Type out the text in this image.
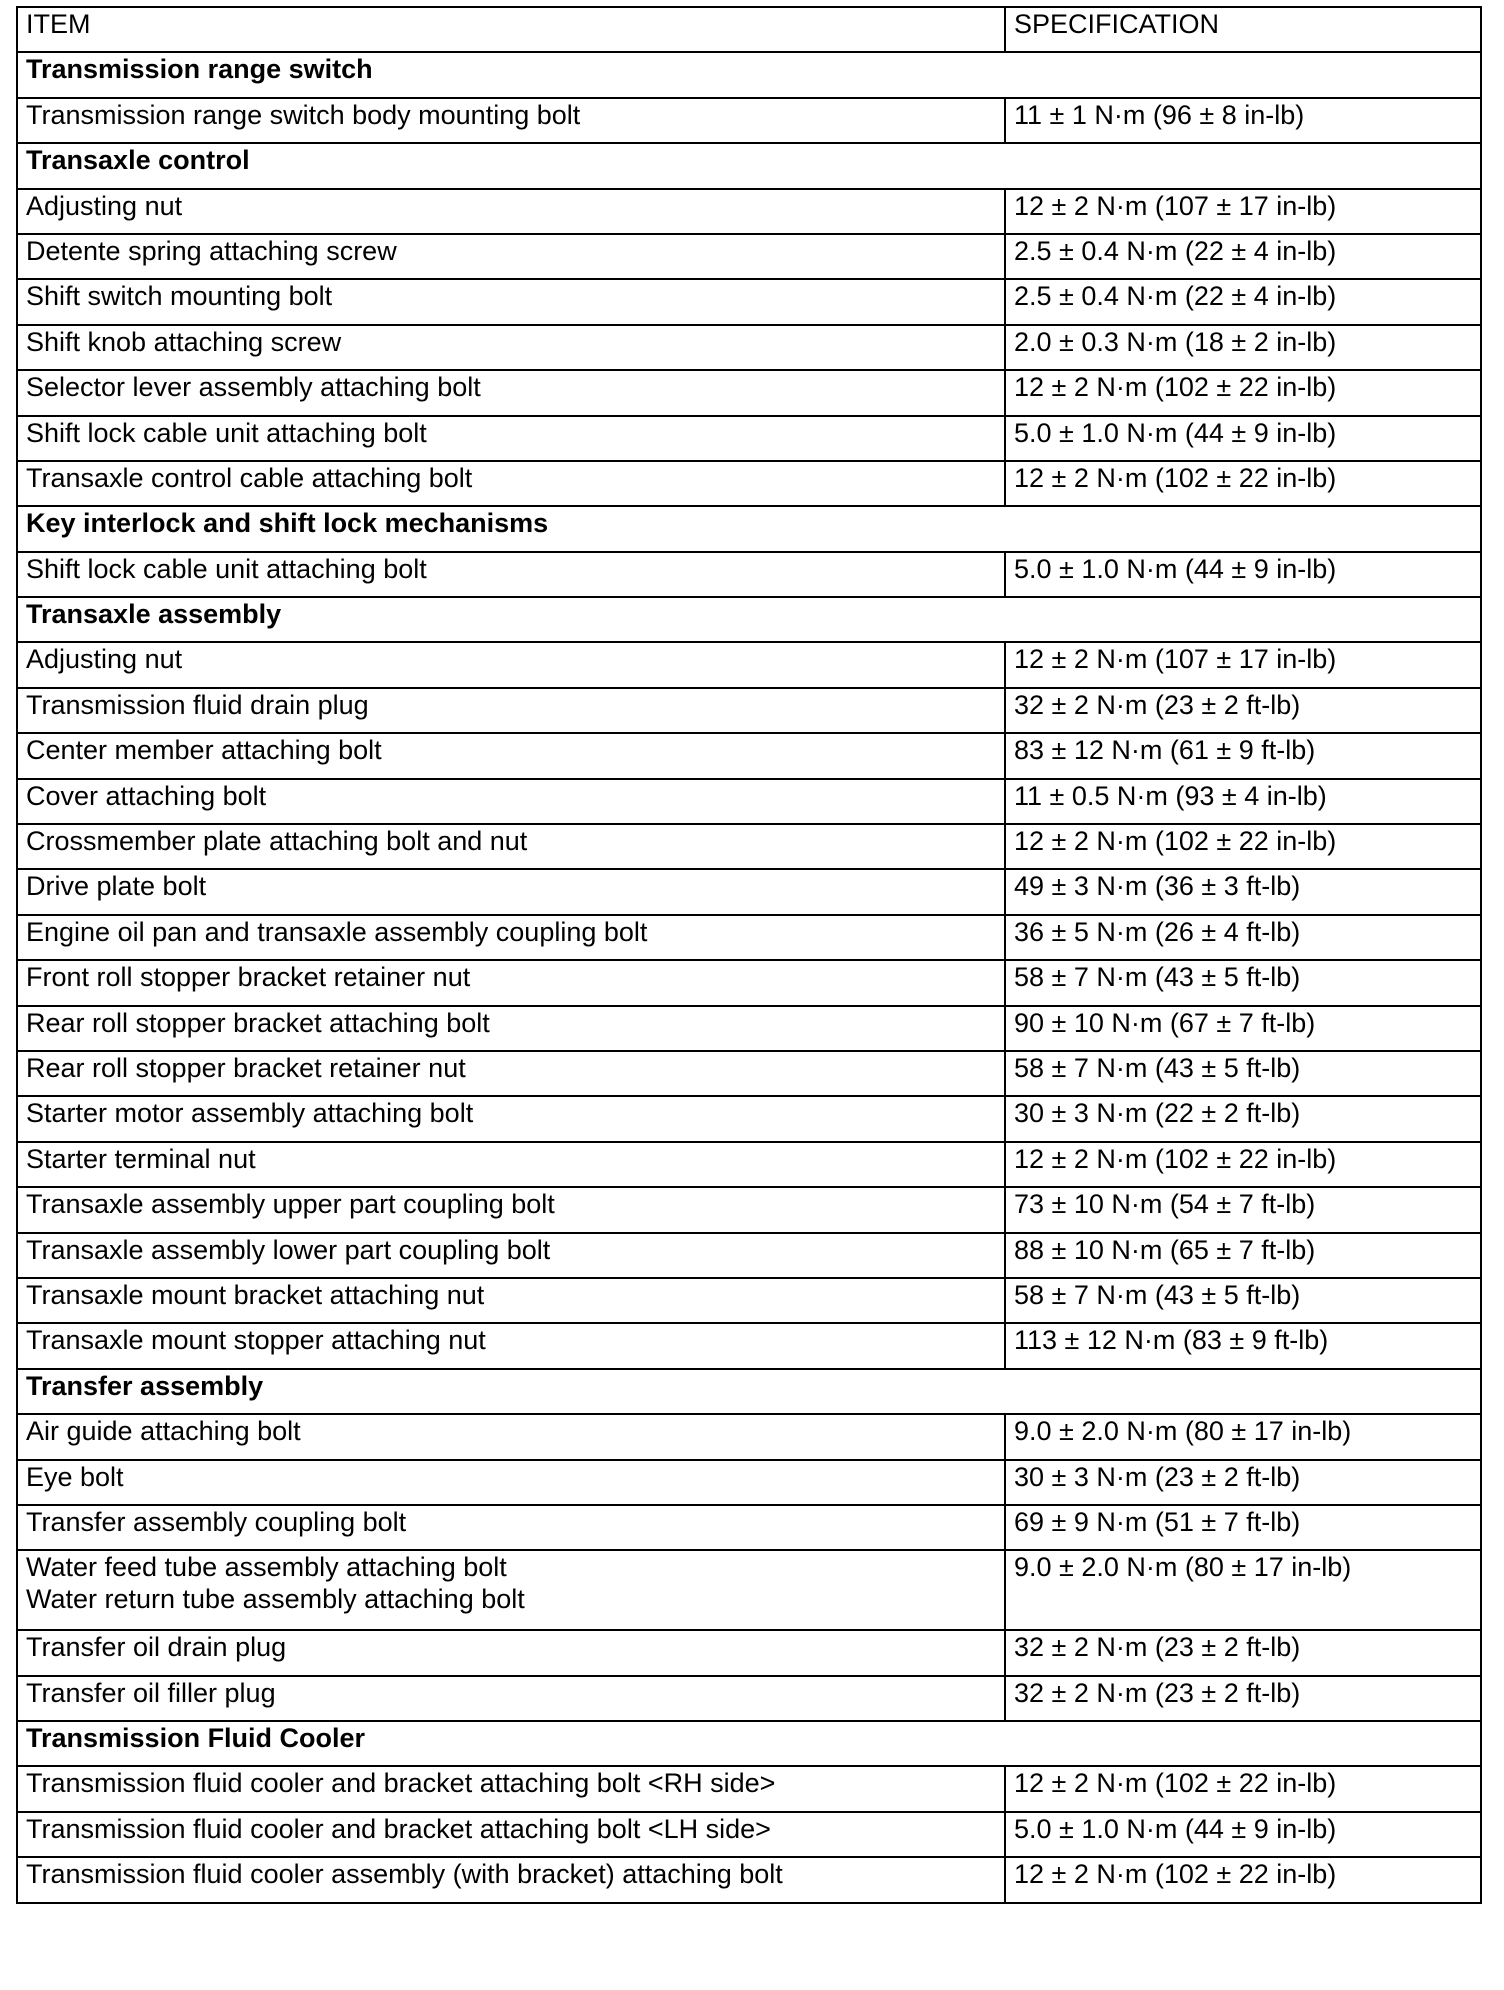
ITEM	SPECIFICATION
Transmission range switch	
Transmission range switch body mounting bolt	11 ± 1 N·m (96 ± 8 in-lb)
Transaxle control	
Adjusting nut	12 ± 2 N·m (107 ± 17 in-lb)
Detente spring attaching screw	2.5 ± 0.4 N·m (22 ± 4 in-lb)
Shift switch mounting bolt	2.5 ± 0.4 N·m (22 ± 4 in-lb)
Shift knob attaching screw	2.0 ± 0.3 N·m (18 ± 2 in-lb)
Selector lever assembly attaching bolt	12 ± 2 N·m (102 ± 22 in-lb)
Shift lock cable unit attaching bolt	5.0 ± 1.0 N·m (44 ± 9 in-lb)
Transaxle control cable attaching bolt	12 ± 2 N·m (102 ± 22 in-lb)
Key interlock and shift lock mechanisms	
Shift lock cable unit attaching bolt	5.0 ± 1.0 N·m (44 ± 9 in-lb)
Transaxle assembly	
Adjusting nut	12 ± 2 N·m (107 ± 17 in-lb)
Transmission fluid drain plug	32 ± 2 N·m (23 ± 2 ft-lb)
Center member attaching bolt	83 ± 12 N·m (61 ± 9 ft-lb)
Cover attaching bolt	11 ± 0.5 N·m (93 ± 4 in-lb)
Crossmember plate attaching bolt and nut	12 ± 2 N·m (102 ± 22 in-lb)
Drive plate bolt	49 ± 3 N·m (36 ± 3 ft-lb)
Engine oil pan and transaxle assembly coupling bolt	36 ± 5 N·m (26 ± 4 ft-lb)
Front roll stopper bracket retainer nut	58 ± 7 N·m (43 ± 5 ft-lb)
Rear roll stopper bracket attaching bolt	90 ± 10 N·m (67 ± 7 ft-lb)
Rear roll stopper bracket retainer nut	58 ± 7 N·m (43 ± 5 ft-lb)
Starter motor assembly attaching bolt	30 ± 3 N·m (22 ± 2 ft-lb)
Starter terminal nut	12 ± 2 N·m (102 ± 22 in-lb)
Transaxle assembly upper part coupling bolt	73 ± 10 N·m (54 ± 7 ft-lb)
Transaxle assembly lower part coupling bolt	88 ± 10 N·m (65 ± 7 ft-lb)
Transaxle mount bracket attaching nut	58 ± 7 N·m (43 ± 5 ft-lb)
Transaxle mount stopper attaching nut	113 ± 12 N·m (83 ± 9 ft-lb)
Transfer assembly	
Air guide attaching bolt	9.0 ± 2.0 N·m (80 ± 17 in-lb)
Eye bolt	30 ± 3 N·m (23 ± 2 ft-lb)
Transfer assembly coupling bolt	69 ± 9 N·m (51 ± 7 ft-lb)

Water feed tube assembly attaching bolt
Water return tube assembly attaching bolt	9.0 ± 2.0 N·m (80 ± 17 in-lb)
Transfer oil drain plug	32 ± 2 N·m (23 ± 2 ft-lb)
Transfer oil filler plug	32 ± 2 N·m (23 ± 2 ft-lb)
Transmission Fluid Cooler	
Transmission fluid cooler and bracket attaching bolt <RH side>	12 ± 2 N·m (102 ± 22 in-lb)
Transmission fluid cooler and bracket attaching bolt <LH side>	5.0 ± 1.0 N·m (44 ± 9 in-lb)
Transmission fluid cooler assembly (with bracket) attaching bolt	12 ± 2 N·m (102 ± 22 in-lb)
